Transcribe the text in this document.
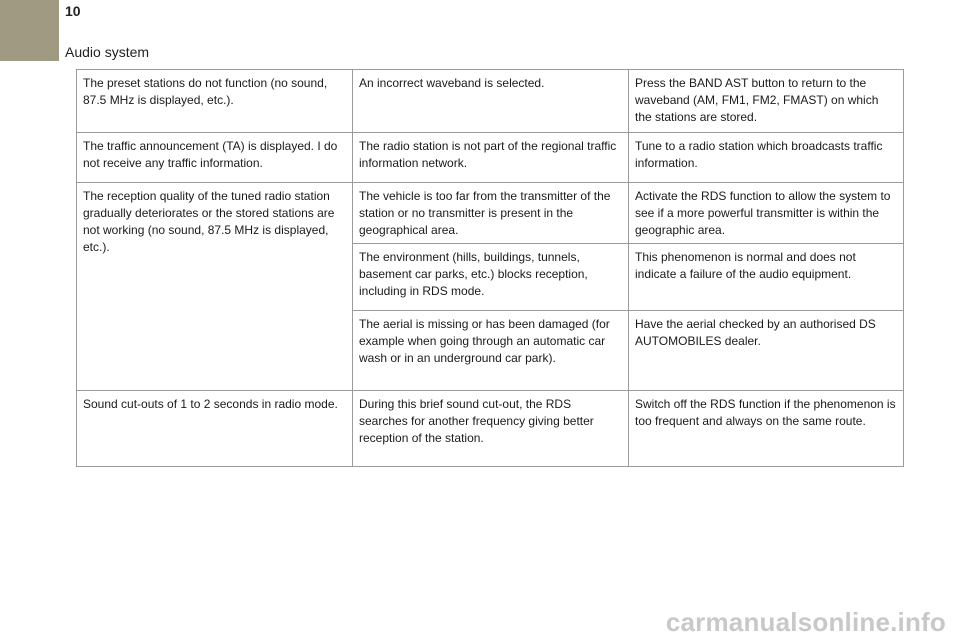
10
Audio system
The preset stations do not function (no sound, 87.5 MHz is displayed, etc.).
An incorrect waveband is selected.	Press the BAND AST button to return to the waveband (AM, FM1, FM2, FMAST) on which the stations are stored.
The traffic announcement (TA) is displayed. I do not receive any traffic information.
The radio station is not part of the regional traffic information network.
Tune to a radio station which broadcasts traffic information.
The reception quality of the tuned radio station gradually deteriorates or the stored stations are not working (no sound, 87.5 MHz is displayed, etc.).
The vehicle is too far from the transmitter of the station or no transmitter is present in the geographical area.
Activate the RDS function to allow the system to see if a more powerful transmitter is within the geographic area.
The environment (hills, buildings, tunnels, basement car parks, etc.) blocks reception, including in RDS mode.
This phenomenon is normal and does not indicate a failure of the audio equipment.
The aerial is missing or has been damaged (for example when going through an automatic car wash or in an underground car park).
Have the aerial checked by an authorised DS AUTOMOBILES dealer.
Sound cut-outs of 1 to 2 seconds in radio mode.	During this brief sound cut-out, the RDS searches for another frequency giving better reception of the station.
Switch off the RDS function if the phenomenon is too frequent and always on the same route.
carmanualsonline.info
